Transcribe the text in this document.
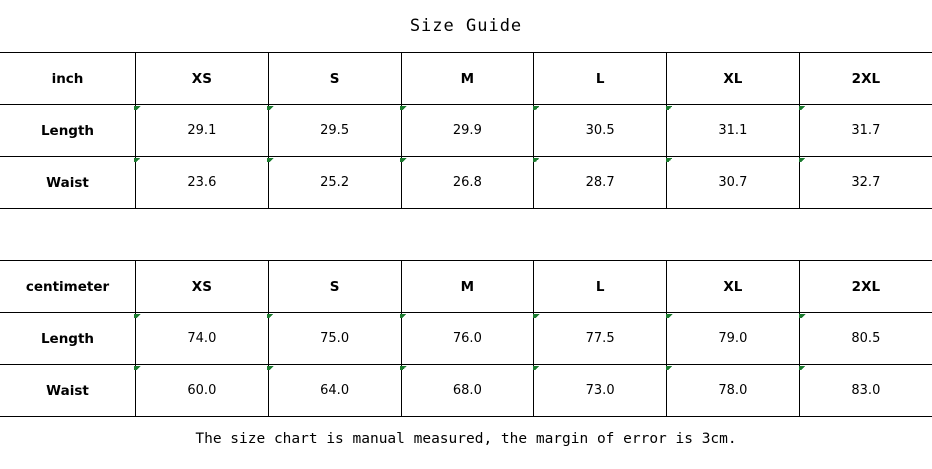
Size Guide
inch	XS	S	M	L	XL	2XL
Length	29.1	29.5	29.9	30.5	31.1	31.7
Waist	23.6	25.2	26.8	28.7	30.7	32.7
centimeter	XS	S	M	L	XL	2XL
Length	74.0	75.0	76.0	77.5	79.0	80.5
Waist	60.0	64.0	68.0	73.0	78.0	83.0
The size chart is manual measured, the margin of error is 3cm.
